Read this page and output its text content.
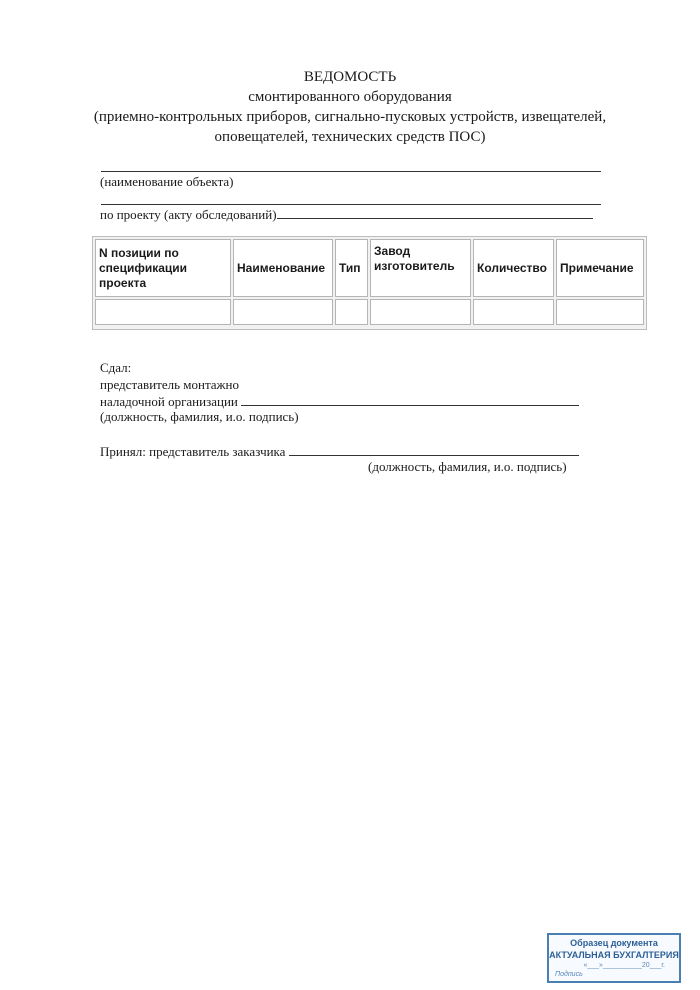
ВЕДОМОСТЬ
смонтированного оборудования
(приемно-контрольных приборов, сигнально-пусковых устройств, извещателей,
оповещателей, технических средств ПОС)
(наименование объекта)
по проекту (акту обследований)
N позиции по спецификации проекта	Наименование	Тип	Завод изготовитель	Количество	Примечание

Сдал:
представитель монтажно
наладочной организации
(должность, фамилия, и.о. подпись)
Принял: представитель заказчика
(должность, фамилия, и.о. подпись)
Образец документа
АКТУАЛЬНАЯ БУХГАЛТЕРИЯ
«___»__________20___г.
Подпись
